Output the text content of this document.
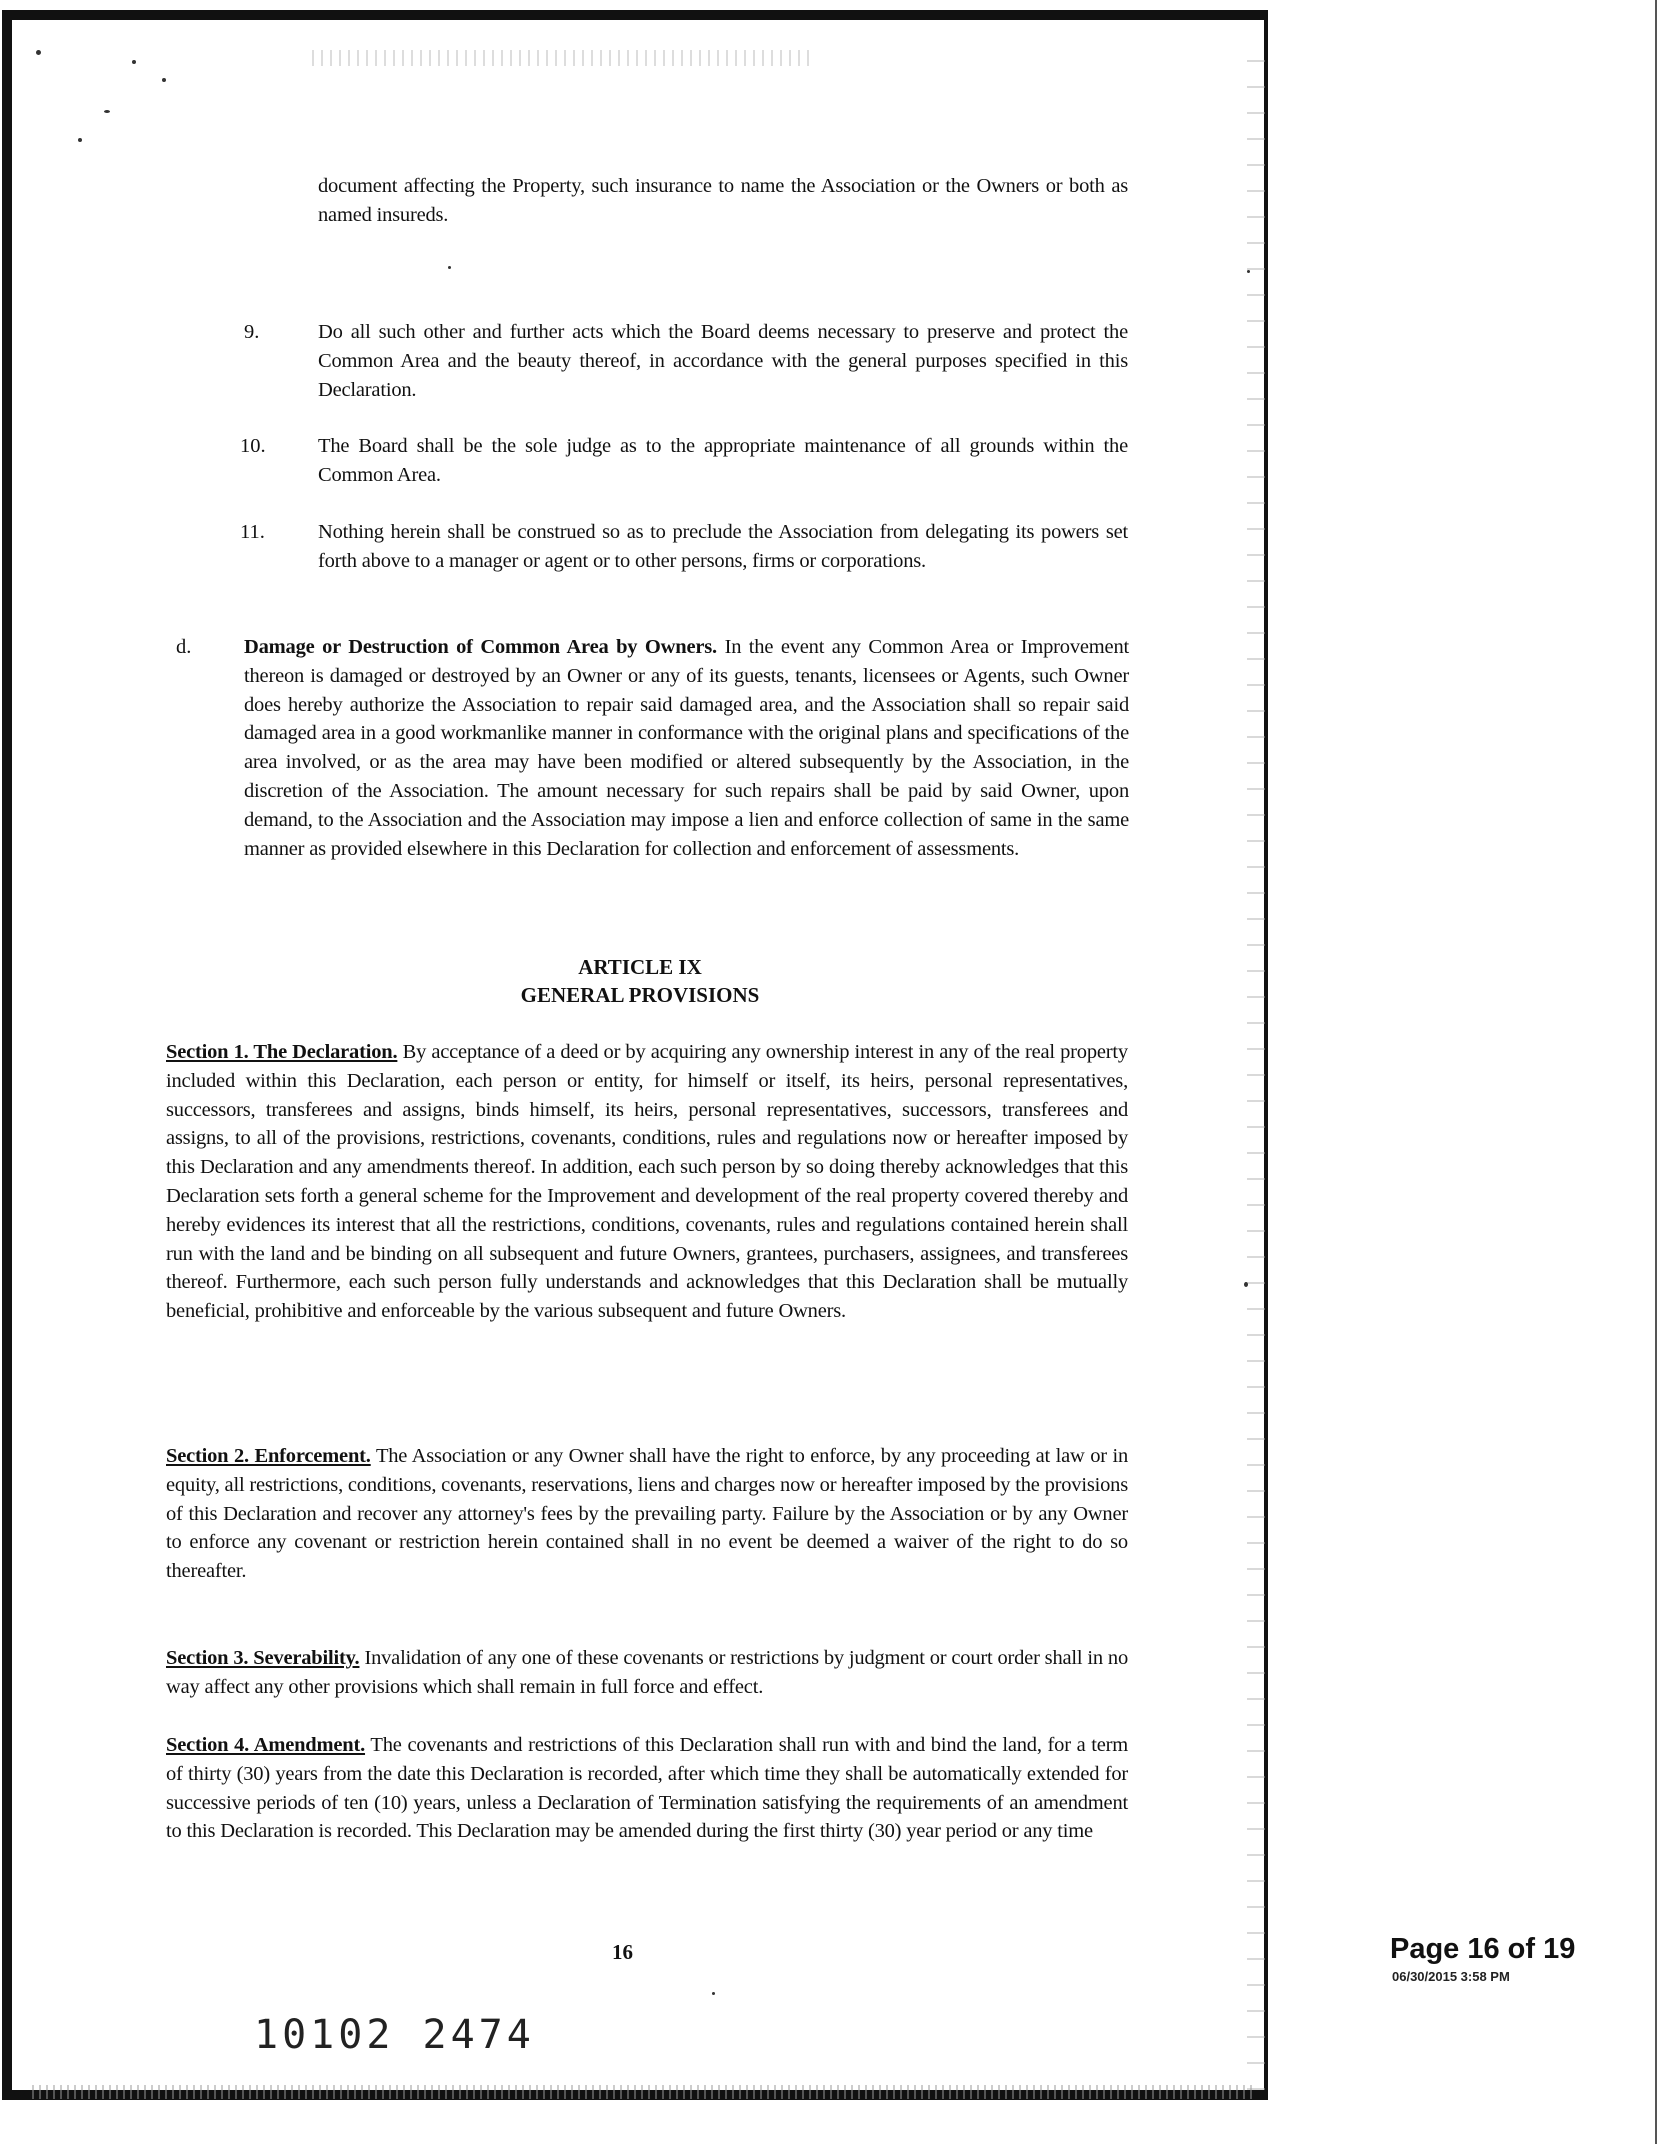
document affecting the Property, such insurance to name the Association or the Owners or both as named insureds.

9.	Do all such other and further acts which the Board deems necessary to preserve and protect the Common Area and the beauty thereof, in accordance with the general purposes specified in this Declaration.

10.	The Board shall be the sole judge as to the appropriate maintenance of all grounds within the Common Area.

11.	Nothing herein shall be construed so as to preclude the Association from delegating its powers set forth above to a manager or agent or to other persons, firms or corporations.

d.	Damage or Destruction of Common Area by Owners. In the event any Common Area or Improvement thereon is damaged or destroyed by an Owner or any of its guests, tenants, licensees or Agents, such Owner does hereby authorize the Association to repair said damaged area, and the Association shall so repair said damaged area in a good workmanlike manner in conformance with the original plans and specifications of the area involved, or as the area may have been modified or altered subsequently by the Association, in the discretion of the Association. The amount necessary for such repairs shall be paid by said Owner, upon demand, to the Association and the Association may impose a lien and enforce collection of same in the same manner as provided elsewhere in this Declaration for collection and enforcement of assessments.

ARTICLE IX
GENERAL PROVISIONS

Section 1. The Declaration. By acceptance of a deed or by acquiring any ownership interest in any of the real property included within this Declaration, each person or entity, for himself or itself, its heirs, personal representatives, successors, transferees and assigns, binds himself, its heirs, personal representatives, successors, transferees and assigns, to all of the provisions, restrictions, covenants, conditions, rules and regulations now or hereafter imposed by this Declaration and any amendments thereof. In addition, each such person by so doing thereby acknowledges that this Declaration sets forth a general scheme for the Improvement and development of the real property covered thereby and hereby evidences its interest that all the restrictions, conditions, covenants, rules and regulations contained herein shall run with the land and be binding on all subsequent and future Owners, grantees, purchasers, assignees, and transferees thereof. Furthermore, each such person fully understands and acknowledges that this Declaration shall be mutually beneficial, prohibitive and enforceable by the various subsequent and future Owners.

Section 2. Enforcement. The Association or any Owner shall have the right to enforce, by any proceeding at law or in equity, all restrictions, conditions, covenants, reservations, liens and charges now or hereafter imposed by the provisions of this Declaration and recover any attorney's fees by the prevailing party. Failure by the Association or by any Owner to enforce any covenant or restriction herein contained shall in no event be deemed a waiver of the right to do so thereafter.

Section 3. Severability. Invalidation of any one of these covenants or restrictions by judgment or court order shall in no way affect any other provisions which shall remain in full force and effect.

Section 4. Amendment. The covenants and restrictions of this Declaration shall run with and bind the land, for a term of thirty (30) years from the date this Declaration is recorded, after which time they shall be automatically extended for successive periods of ten (10) years, unless a Declaration of Termination satisfying the requirements of an amendment to this Declaration is recorded. This Declaration may be amended during the first thirty (30) year period or any time

16
10102 2474
Page 16 of 19
06/30/2015 3:58 PM
